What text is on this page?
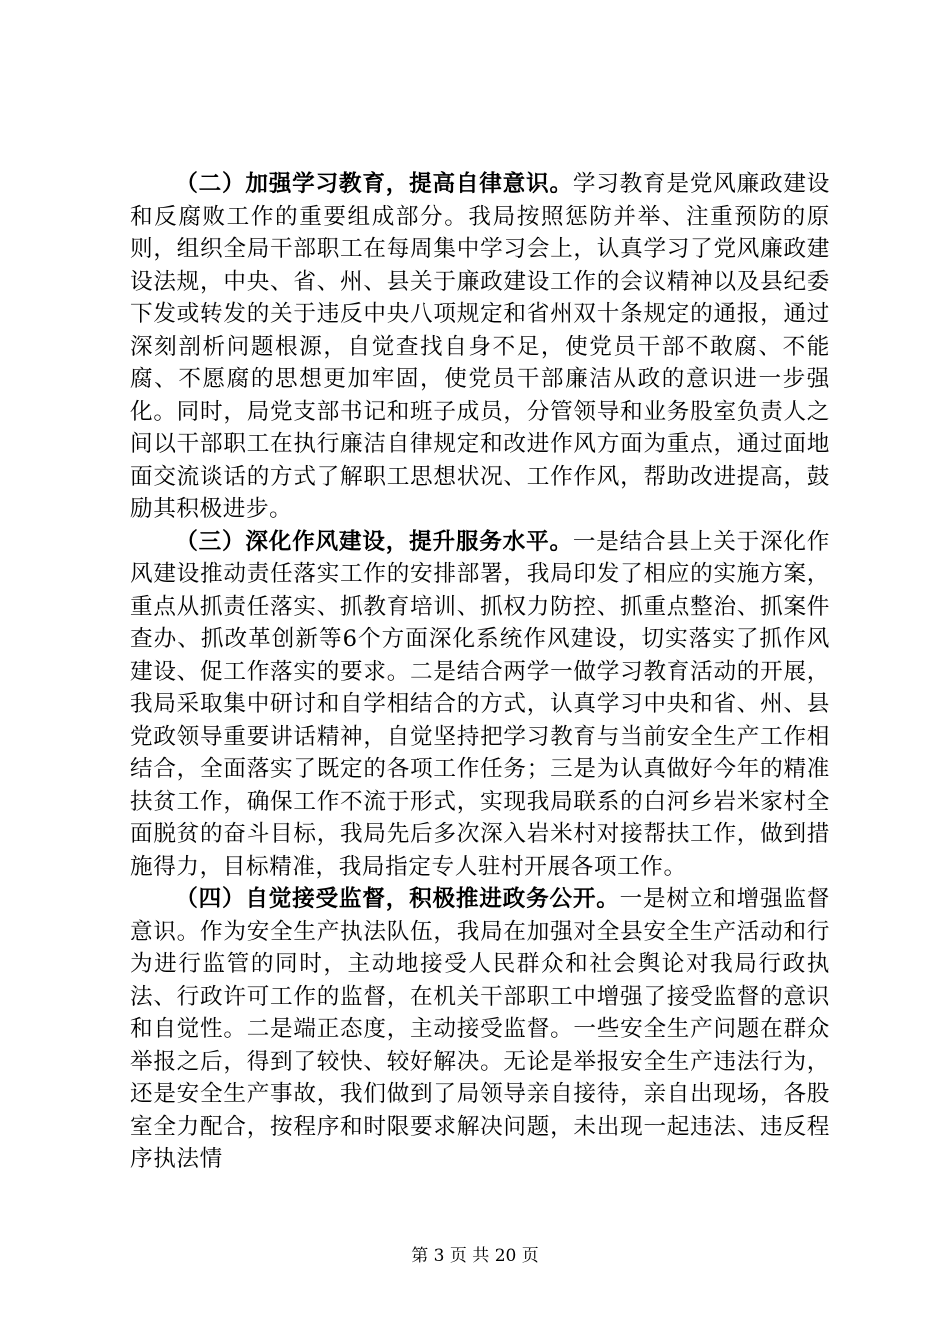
（二）加强学习教育，提高自律意识。学习教育是党风廉政建设和反腐败工作的重要组成部分。我局按照惩防并举、注重预防的原则，组织全局干部职工在每周集中学习会上，认真学习了党风廉政建设法规，中央、省、州、县关于廉政建设工作的会议精神以及县纪委下发或转发的关于违反中央八项规定和省州双十条规定的通报，通过深刻剖析问题根源，自觉查找自身不足，使党员干部不敢腐、不能腐、不愿腐的思想更加牢固，使党员干部廉洁从政的意识进一步强化。同时，局党支部书记和班子成员，分管领导和业务股室负责人之间以干部职工在执行廉洁自律规定和改进作风方面为重点，通过面地面交流谈话的方式了解职工思想状况、工作作风，帮助改进提高，鼓励其积极进步。

（三）深化作风建设，提升服务水平。一是结合县上关于深化作风建设推动责任落实工作的安排部署，我局印发了相应的实施方案，重点从抓责任落实、抓教育培训、抓权力防控、抓重点整治、抓案件查办、抓改革创新等6个方面深化系统作风建设，切实落实了抓作风建设、促工作落实的要求。二是结合两学一做学习教育活动的开展，我局采取集中研讨和自学相结合的方式，认真学习中央和省、州、县党政领导重要讲话精神，自觉坚持把学习教育与当前安全生产工作相结合，全面落实了既定的各项工作任务；三是为认真做好今年的精准扶贫工作，确保工作不流于形式，实现我局联系的白河乡岩米家村全面脱贫的奋斗目标，我局先后多次深入岩米村对接帮扶工作，做到措施得力，目标精准，我局指定专人驻村开展各项工作。

（四）自觉接受监督，积极推进政务公开。一是树立和增强监督意识。作为安全生产执法队伍，我局在加强对全县安全生产活动和行为进行监管的同时，主动地接受人民群众和社会舆论对我局行政执法、行政许可工作的监督，在机关干部职工中增强了接受监督的意识和自觉性。二是端正态度，主动接受监督。一些安全生产问题在群众举报之后，得到了较快、较好解决。无论是举报安全生产违法行为，还是安全生产事故，我们做到了局领导亲自接待，亲自出现场，各股室全力配合，按程序和时限要求解决问题，未出现一起违法、违反程序执法情

第 3 页 共 20 页
